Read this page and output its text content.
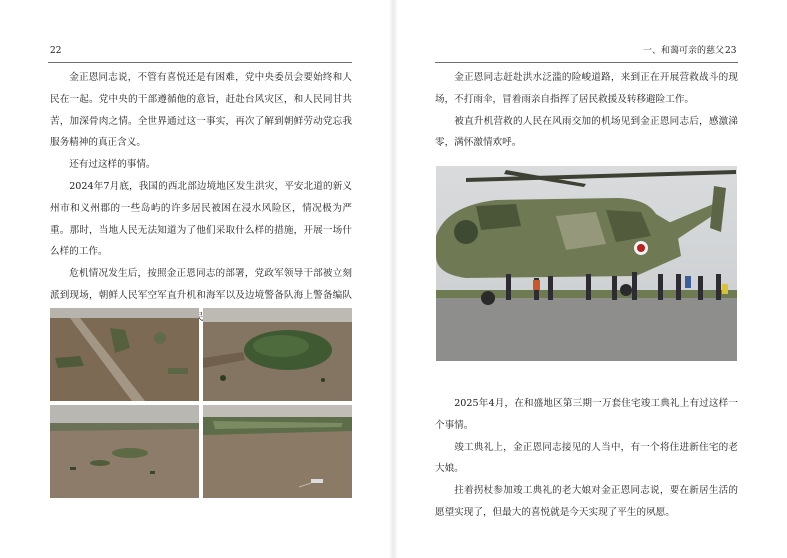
22

金正恩同志说，不管有喜悦还是有困难，党中央委员会要始终和人民在一起。党中央的干部遵循他的意旨，赶赴台风灾区，和人民同甘共苦，加深骨肉之情。全世界通过这一事实，再次了解到朝鲜劳动党忘我服务精神的真正含义。

还有过这样的事情。

2024年7月底，我国的西北部边境地区发生洪灾，平安北道的新义州市和义州郡的一些岛屿的许多居民被困在浸水风险区，情况极为严重。那时，当地人民无法知道为了他们采取什么样的措施，开展一场什么样的工作。

危机情况发生后，按照金正恩同志的部署，党政军领导干部被立刻派到现场，朝鲜人民军空军直升机和海军以及边境警备队海上警备编队

一、和蔼可亲的慈父 23

金正恩同志赶赴洪水泛滥的险峻道路，来到正在开展营救战斗的现场，不打雨伞，冒着雨亲自指挥了居民救援及转移避险工作。

被直升机营救的人民在风雨交加的机场见到金正恩同志后，感激涕零，满怀激情欢呼。

2025年4月，在和盛地区第三期一万套住宅竣工典礼上有过这样一个事情。

竣工典礼上，金正恩同志接见的人当中，有一个将住进新住宅的老大娘。

拄着拐杖参加竣工典礼的老大娘对金正恩同志说，要在新居生活的愿望实现了，但最大的喜悦就是今天实现了平生的夙愿。
